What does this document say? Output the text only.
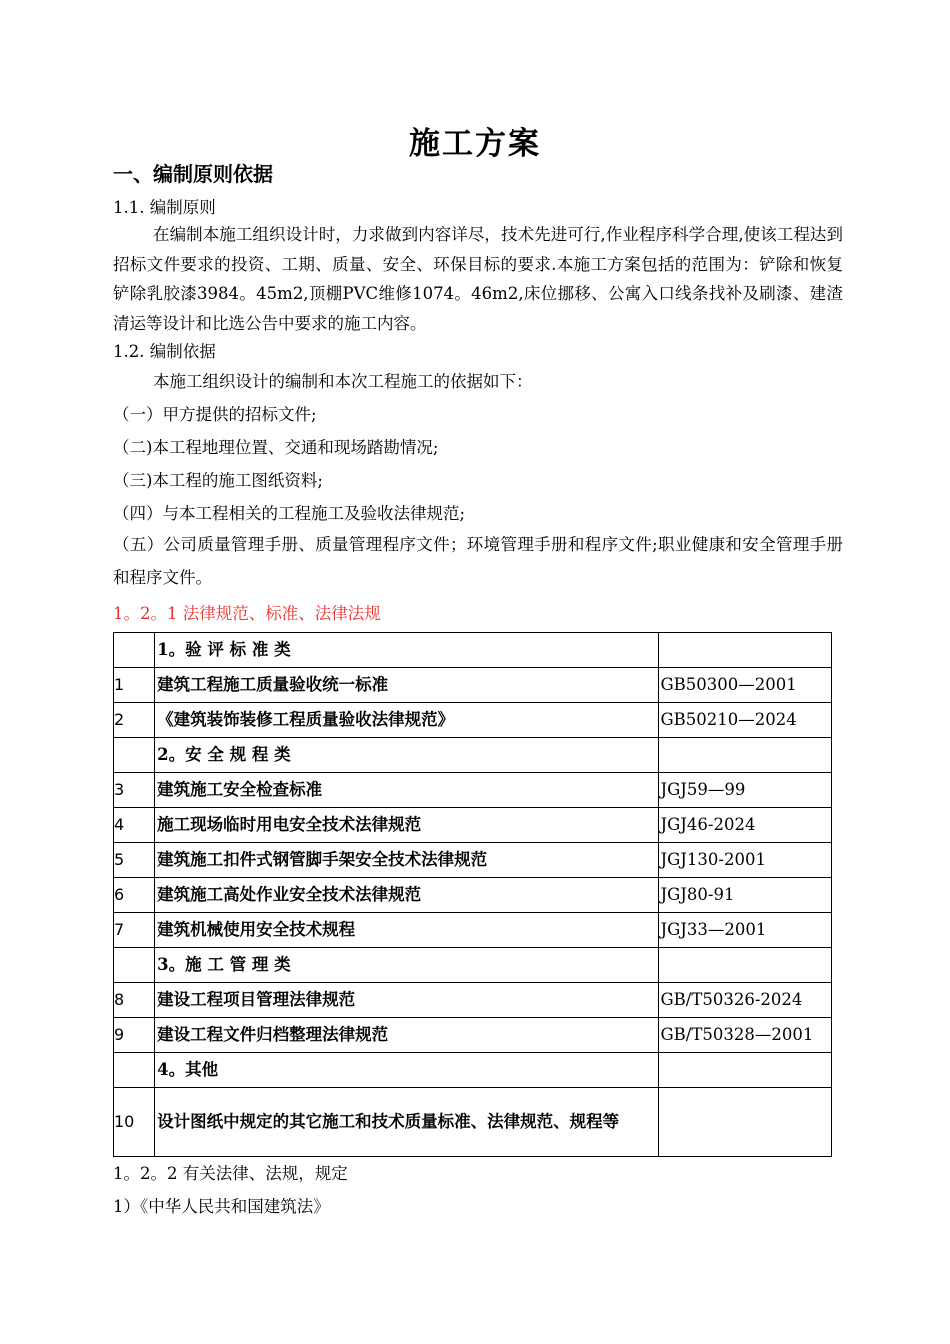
施工方案
一、编制原则依据
1.1. 编制原则
在编制本施工组织设计时，力求做到内容详尽，技术先进可行,作业程序科学合理,使该工程达到招标文件要求的投资、工期、质量、安全、环保目标的要求.本施工方案包括的范围为：铲除和恢复铲除乳胶漆3984。45m2,顶棚PVC维修1074。46m2,床位挪移、公寓入口线条找补及刷漆、建渣清运等设计和比选公告中要求的施工内容。
1.2. 编制依据
本施工组织设计的编制和本次工程施工的依据如下：
（一）甲方提供的招标文件;
（二)本工程地理位置、交通和现场踏勘情况;
（三)本工程的施工图纸资料;
（四）与本工程相关的工程施工及验收法律规范;
（五）公司质量管理手册、质量管理程序文件；环境管理手册和程序文件;职业健康和安全管理手册和程序文件。
1。2。1 法律规范、标准、法律法规
	1。验 评 标 准 类	
1	建筑工程施工质量验收统一标准	GB50300—2001
2	《建筑装饰装修工程质量验收法律规范》	GB50210—2024
	2。安 全 规 程 类	
3	建筑施工安全检查标准	JGJ59—99
4	施工现场临时用电安全技术法律规范	JGJ46-2024
5	建筑施工扣件式钢管脚手架安全技术法律规范	JGJ130-2001
6	建筑施工高处作业安全技术法律规范	JGJ80-91
7	建筑机械使用安全技术规程	JGJ33—2001
	3。施 工 管 理 类	
8	建设工程项目管理法律规范	GB/T50326-2024
9	建设工程文件归档整理法律规范	GB/T50328—2001
	4。其他	
10	设计图纸中规定的其它施工和技术质量标准、法律规范、规程等	
1。2。2 有关法律、法规，规定
1）《中华人民共和国建筑法》
